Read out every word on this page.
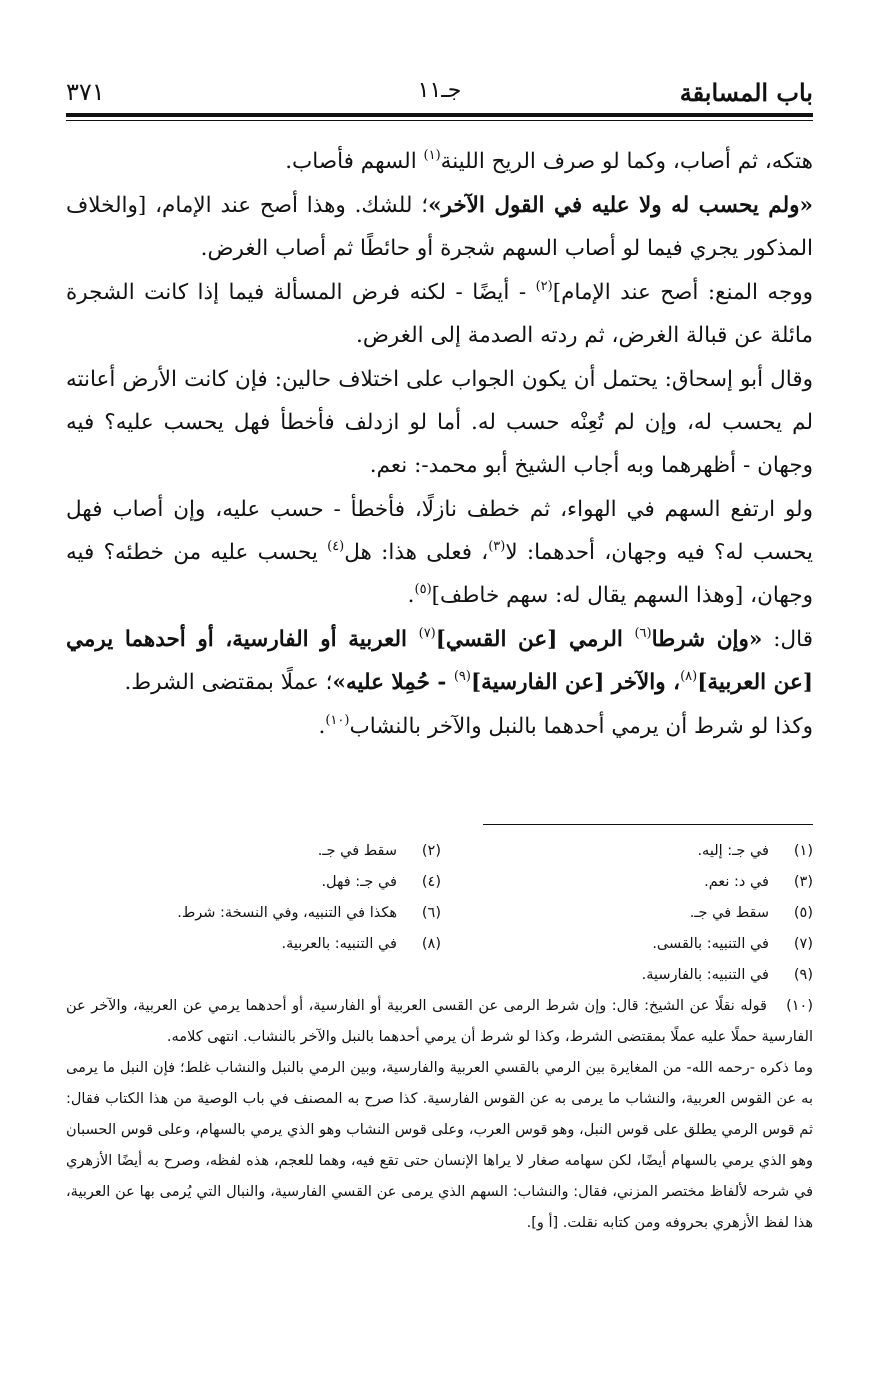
باب المسابقة
جـ١١
٣٧١

هتكه، ثم أصاب، وكما لو صرف الريح اللينة$^{(١)}$ السهم فأصاب.

«ولم يحسب له ولا عليه في القول الآخر»؛ للشك. وهذا أصح عند الإمام، [والخلاف المذكور يجري فيما لو أصاب السهم شجرة أو حائطًا ثم أصاب الغرض.

ووجه المنع: أصح عند الإمام]$^{(٢)}$ - أيضًا - لكنه فرض المسألة فيما إذا كانت الشجرة مائلة عن قبالة الغرض، ثم ردته الصدمة إلى الغرض.

وقال أبو إسحاق: يحتمل أن يكون الجواب على اختلاف حالين: فإن كانت الأرض أعانته لم يحسب له، وإن لم تُعِنْه حسب له. أما لو ازدلف فأخطأ فهل يحسب عليه؟ فيه وجهان - أظهرهما وبه أجاب الشيخ أبو محمد-: نعم.

ولو ارتفع السهم في الهواء، ثم خطف نازلًا، فأخطأ - حسب عليه، وإن أصاب فهل يحسب له؟ فيه وجهان، أحدهما: لا$^{(٣)}$، فعلى هذا: هل$^{(٤)}$ يحسب عليه من خطئه؟ فيه وجهان، [وهذا السهم يقال له: سهم خاطف]$^{(٥)}$.

قال: «وإن شرطا$^{(٦)}$ الرمي [عن القسي]$^{(٧)}$ العربية أو الفارسية، أو أحدهما يرمي [عن العربية]$^{(٨)}$، والآخر [عن الفارسية]$^{(٩)}$ - حُمِلا عليه»؛ عملًا بمقتضى الشرط.

وكذا لو شرط أن يرمي أحدهما بالنبل والآخر بالنشاب$^{(١٠)}$.

(١)في جـ: إليه.
(٢)سقط في جـ.
(٣)في د: نعم.
(٤)في جـ: فهل.
(٥)سقط في جـ.
(٦)هكذا في التنبيه، وفي النسخة: شرط.
(٧)في التنبيه: بالقسى.
(٨)في التنبيه: بالعربية.
(٩)في التنبيه: بالفارسية.
(١٠)قوله نقلًا عن الشيخ: قال: وإن شرط الرمى عن القسى العربية أو الفارسية، أو أحدهما يرمي عن العربية، والآخر عن الفارسية حملًا عليه عملًا بمقتضى الشرط، وكذا لو شرط أن يرمي أحدهما بالنبل والآخر بالنشاب. انتهى كلامه.
وما ذكره -رحمه الله- من المغايرة بين الرمي بالقسي العربية والفارسية، وبين الرمي بالنبل والنشاب غلط؛ فإن النبل ما يرمى به عن القوس العربية، والنشاب ما يرمى به عن القوس الفارسية. كذا صرح به المصنف في باب الوصية من هذا الكتاب فقال: ثم قوس الرمي يطلق على قوس النبل، وهو قوس العرب، وعلى قوس النشاب وهو الذي يرمي بالسهام، وعلى قوس الحسبان وهو الذي يرمي بالسهام أيضًا، لكن سهامه صغار لا يراها الإنسان حتى تقع فيه، وهما للعجم، هذه لفظه، وصرح به أيضًا الأزهري في شرحه لألفاظ مختصر المزني، فقال: والنشاب: السهم الذي يرمى عن القسي الفارسية، والنبال التي يُرمى بها عن العربية، هذا لفظ الأزهري بحروفه ومن كتابه نقلت. [أ و].
